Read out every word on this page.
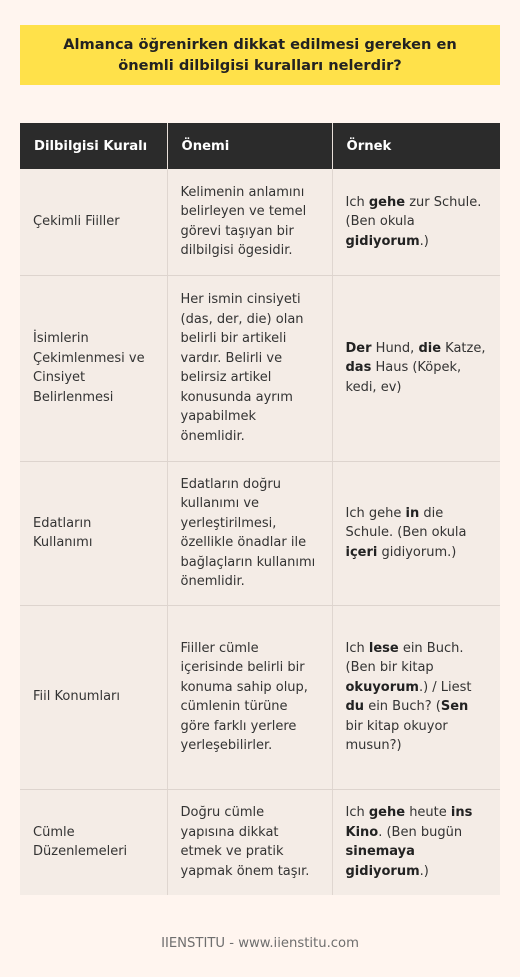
Almanca öğrenirken dikkat edilmesi gereken en önemli dilbilgisi kuralları nelerdir?
Dilbilgisi Kuralı	Önemi	Örnek
Çekimli Fiiller	Kelimenin anlamını belirleyen ve temel görevi taşıyan bir dilbilgisi ögesidir.	Ich gehe zur Schule. (Ben okula gidiyorum.)
İsimlerin Çekimlenmesi ve Cinsiyet Belirlenmesi	Her ismin cinsiyeti (das, der, die) olan belirli bir artikeli vardır. Belirli ve belirsiz artikel konusunda ayrım yapabilmek önemlidir.	Der Hund, die Katze, das Haus (Köpek, kedi, ev)
Edatların Kullanımı	Edatların doğru kullanımı ve yerleştirilmesi, özellikle önadlar ile bağlaçların kullanımı önemlidir.	Ich gehe in die Schule. (Ben okula içeri gidiyorum.)
Fiil Konumları	Fiiller cümle içerisinde belirli bir konuma sahip olup, cümlenin türüne göre farklı yerlere yerleşebilirler.	Ich lese ein Buch. (Ben bir kitap okuyorum.) / Liest du ein Buch? (Sen bir kitap okuyor musun?)
Cümle Düzenlemeleri	Doğru cümle yapısına dikkat etmek ve pratik yapmak önem taşır.	Ich gehe heute ins Kino. (Ben bugün sinemaya gidiyorum.)
IIENSTITU - www.iienstitu.com
